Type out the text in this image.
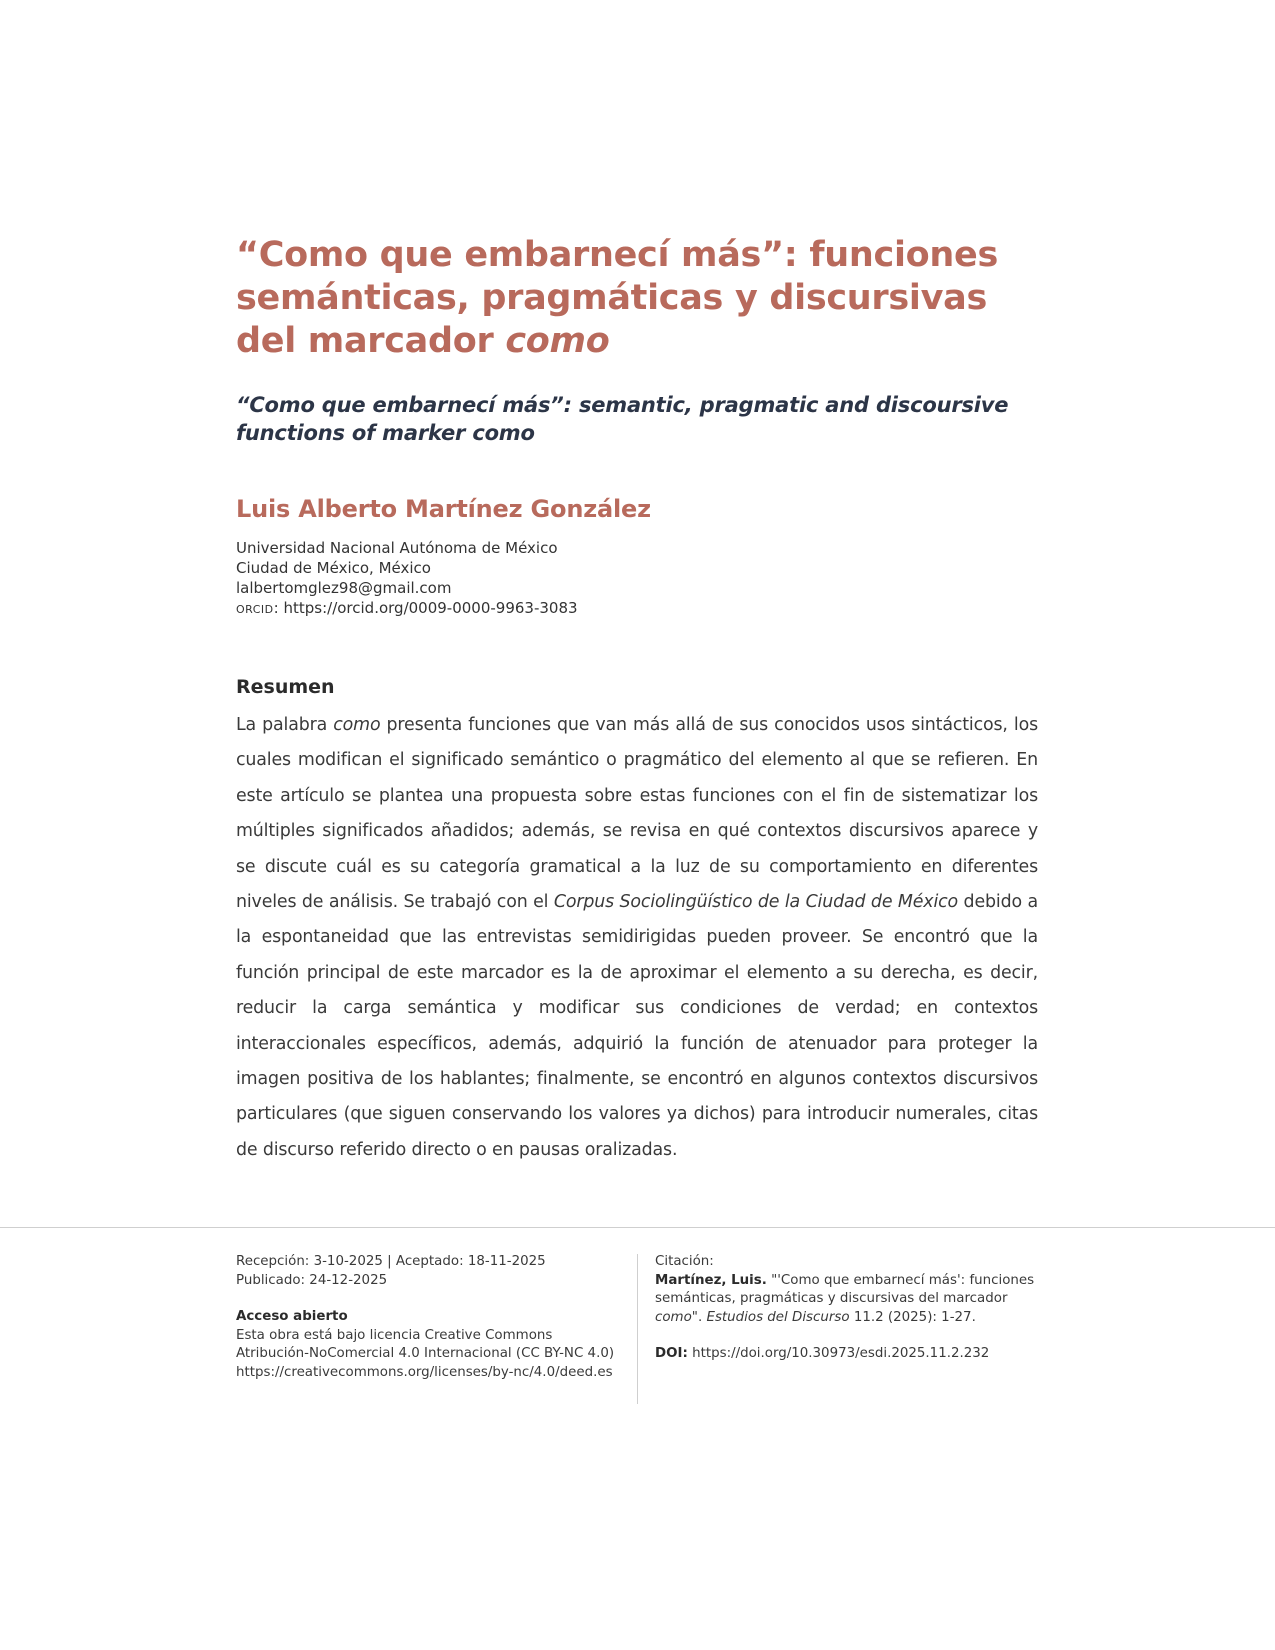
“Como que embarnecí más”: funciones semánticas, pragmáticas y discursivas del marcador como
“Como que embarnecí más”: semantic, pragmatic and discoursive functions of marker como
Luis Alberto Martínez González
Universidad Nacional Autónoma de México
Ciudad de México, México
lalbertomglez98@gmail.com
ORCID: https://orcid.org/0009-0000-9963-3083
Resumen

La palabra como presenta funciones que van más allá de sus conocidos usos sintácticos, los cuales modifican el significado semántico o pragmático del elemento al que se refieren. En este artículo se plantea una propuesta sobre estas funciones con el fin de sistematizar los múltiples significados añadidos; además, se revisa en qué contextos discursivos aparece y se discute cuál es su categoría gramatical a la luz de su comportamiento en diferentes niveles de análisis. Se trabajó con el Corpus Sociolingüístico de la Ciudad de México debido a la espontaneidad que las entrevistas semidirigidas pueden proveer. Se encontró que la función principal de este marcador es la de aproximar el elemento a su derecha, es decir, reducir la carga semántica y modificar sus condiciones de verdad; en contextos interaccionales específicos, además, adquirió la función de atenuador para proteger la imagen positiva de los hablantes; finalmente, se encontró en algunos contextos discursivos particulares (que siguen conservando los valores ya dichos) para introducir numerales, citas de discurso referido directo o en pausas oralizadas.

Recepción: 3-10-2025 | Aceptado: 18-11-2025
Publicado: 24-12-2025
Acceso abierto
Esta obra está bajo licencia Creative Commons Atribución-NoComercial 4.0 Internacional (CC BY-NC 4.0) https://creativecommons.org/licenses/by-nc/4.0/deed.es
Citación:
Martínez, Luis. "'Como que embarnecí más': funciones semánticas, pragmáticas y discursivas del marcador como". Estudios del Discurso 11.2 (2025): 1-27.
DOI: https://doi.org/10.30973/esdi.2025.11.2.232
